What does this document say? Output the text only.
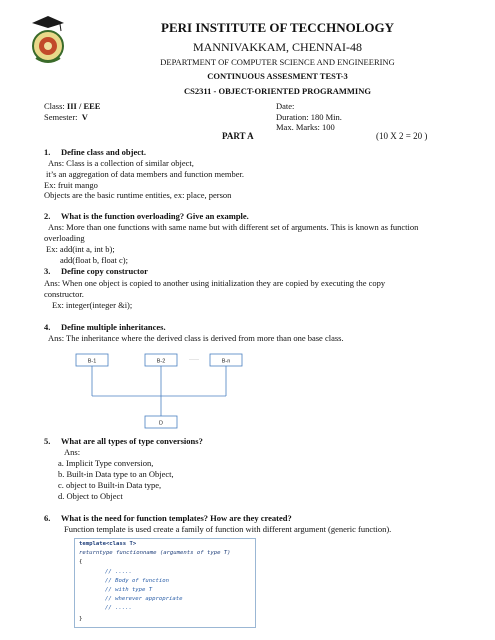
PERI INSTITUTE OF TECCHNOLOGY
MANNIVAKKAM, CHENNAI-48
DEPARTMENT OF COMPUTER SCIENCE AND ENGINEERING
CONTINUOUS ASSESMENT TEST-3
CS2311 - OBJECT-ORIENTED PROGRAMMING
Class: III / EEE
Semester: V
Date:
Duration: 180 Min.
Max. Marks: 100
PART A	(10 X 2 = 20 )
1. Define class and object.
Ans: Class is a collection of similar object,
it’s an aggregation of data members and function member.
Ex: fruit mango
Objects are the basic runtime entities, ex: place, person
2. What is the function overloading? Give an example.
Ans: More than one functions with same name but with different set of arguments. This is known as function
overloading
Ex: add(int a, int b);
add(float b, float c);
3. Define copy constructor
Ans: When one object is copied to another using initialization they are copied by executing the copy
constructor.
Ex: integer(integer &i);
4. Define multiple inheritances.
Ans: The inheritance where the derived class is derived from more than one base class.
B-1	B-2	·····	B-n
D
5. What are all types of type conversions?
Ans:
a. Implicit Type conversion,
b. Built-in Data type to an Object,
c. object to Built-in Data type,
d. Object to Object
6. What is the need for function templates? How are they created?
Function template is used create a family of function with different argument (generic function).
template<class T>
returntype functionname (arguments of type T)
{
// .....
// Body of function
// with type T
// wherever appropriate
// .....
}
